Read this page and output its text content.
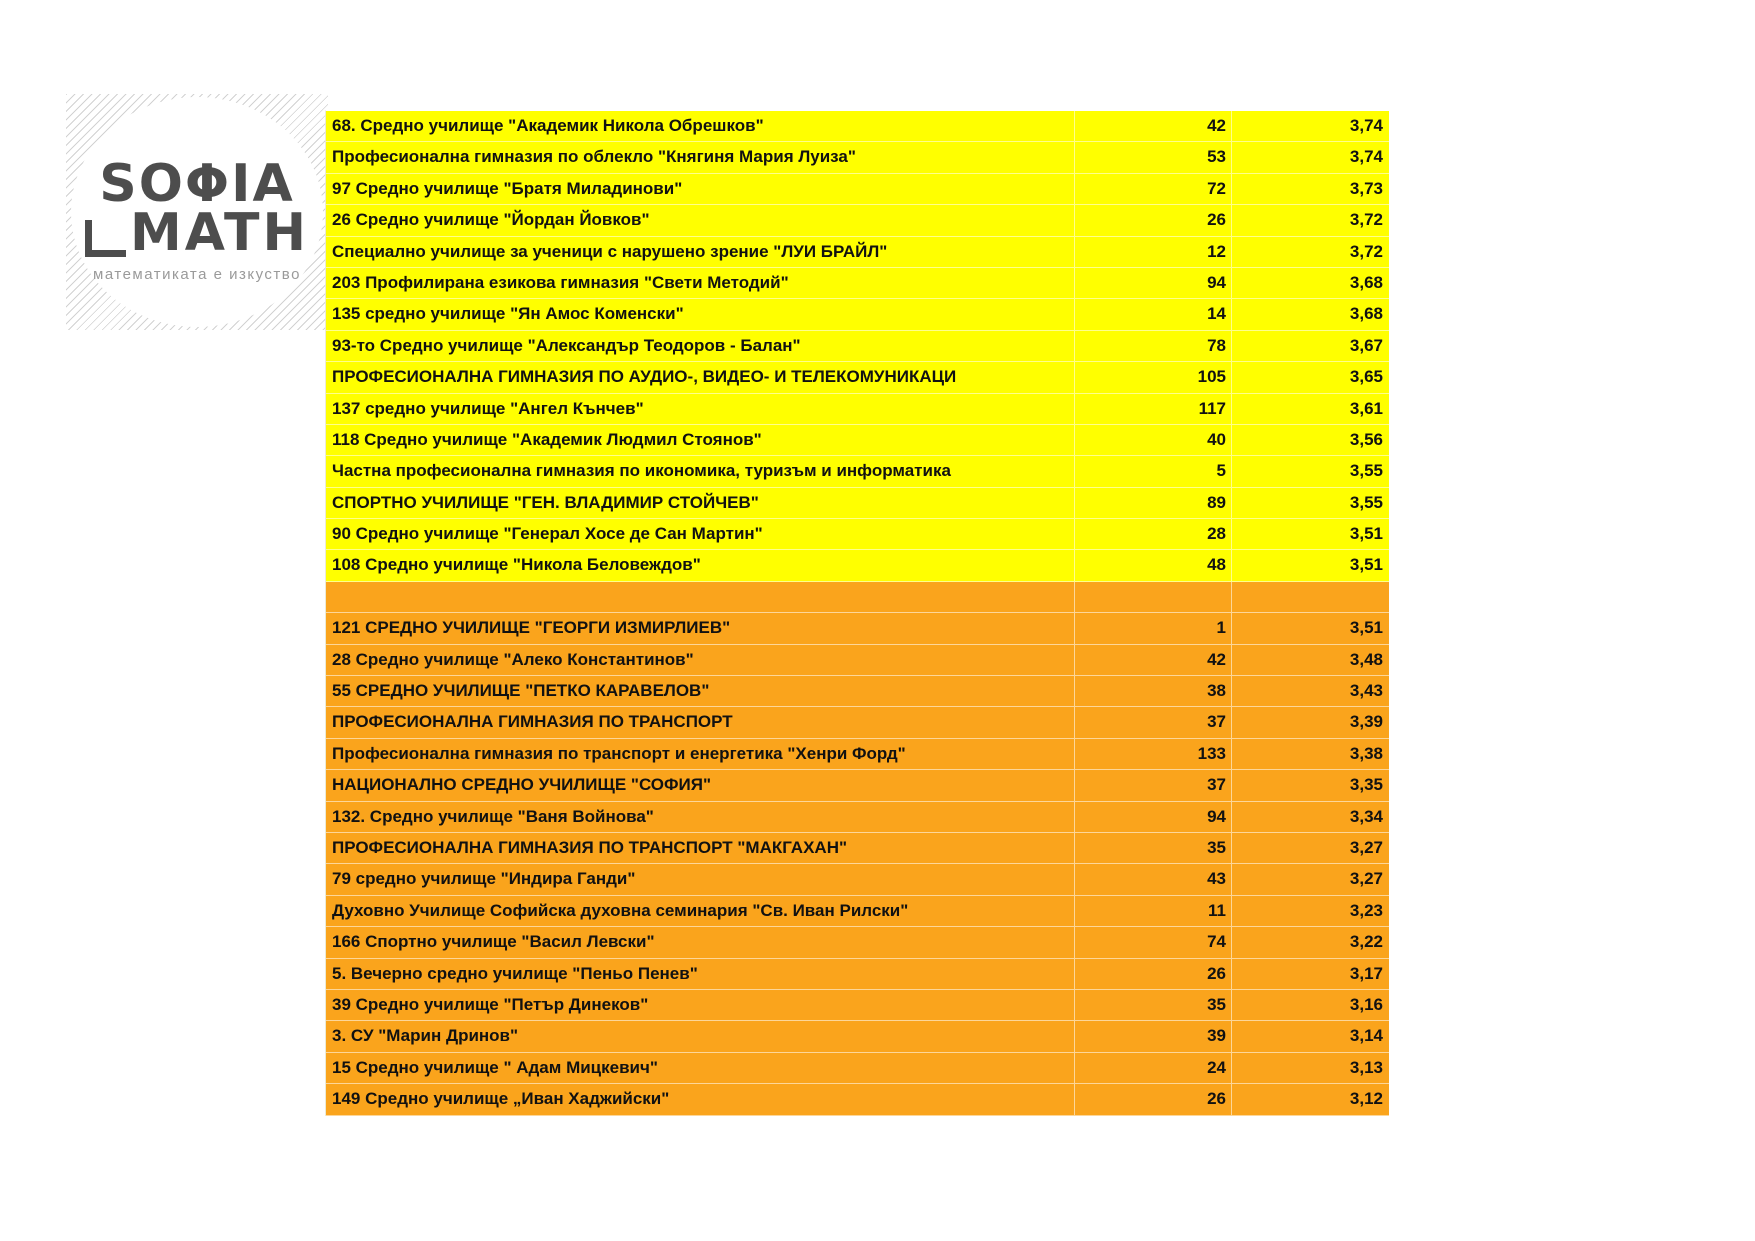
SOΦIA
MATH
математиката е изкуство
68. Средно училище "Академик Никола Обрешков"	42	3,74
Професионална гимназия по облекло "Княгиня Мария Луиза"	53	3,74
97 Средно училище "Братя Миладинови"	72	3,73
26 Средно училище "Йордан Йовков"	26	3,72
Специално училище за ученици с нарушено зрение "ЛУИ БРАЙЛ"	12	3,72
203 Профилирана езикова гимназия "Свети Методий"	94	3,68
135 средно училище "Ян Амос Коменски"	14	3,68
93-то Средно училище "Александър Теодоров - Балан"	78	3,67
ПРОФЕСИОНАЛНА ГИМНАЗИЯ ПО АУДИО-, ВИДЕО- И ТЕЛЕКОМУНИКАЦИ	105	3,65
137 средно училище "Ангел Кънчев"	117	3,61
118 Средно училище "Академик Людмил Стоянов"	40	3,56
Частна професионална гимназия по икономика, туризъм и информатика	5	3,55
СПОРТНО УЧИЛИЩЕ "ГЕН. ВЛАДИМИР СТОЙЧЕВ"	89	3,55
90 Средно училище "Генерал Хосе де Сан Мартин"	28	3,51
108 Средно училище "Никола Беловеждов"	48	3,51
121 СРЕДНО УЧИЛИЩЕ "ГЕОРГИ ИЗМИРЛИЕВ"	1	3,51
28 Средно училище "Алеко Константинов"	42	3,48
55 СРЕДНО УЧИЛИЩЕ "ПЕТКО КАРАВЕЛОВ"	38	3,43
ПРОФЕСИОНАЛНА ГИМНАЗИЯ ПО ТРАНСПОРТ	37	3,39
Професионална гимназия по транспорт и енергетика "Хенри Форд"	133	3,38
НАЦИОНАЛНО СРЕДНО УЧИЛИЩЕ "СОФИЯ"	37	3,35
132. Средно училище "Ваня Войнова"	94	3,34
ПРОФЕСИОНАЛНА ГИМНАЗИЯ ПО ТРАНСПОРТ "МАКГАХАН"	35	3,27
79 средно училище "Индира Ганди"	43	3,27
Духовно Училище Софийска духовна семинария "Св. Иван Рилски"	11	3,23
166 Спортно училище "Васил Левски"	74	3,22
5. Вечерно средно училище "Пеньо Пенев"	26	3,17
39 Средно училище "Петър Динеков"	35	3,16
3. СУ "Марин Дринов"	39	3,14
15 Средно училище " Адам Мицкевич"	24	3,13
149 Средно училище „Иван Хаджийски"	26	3,12
